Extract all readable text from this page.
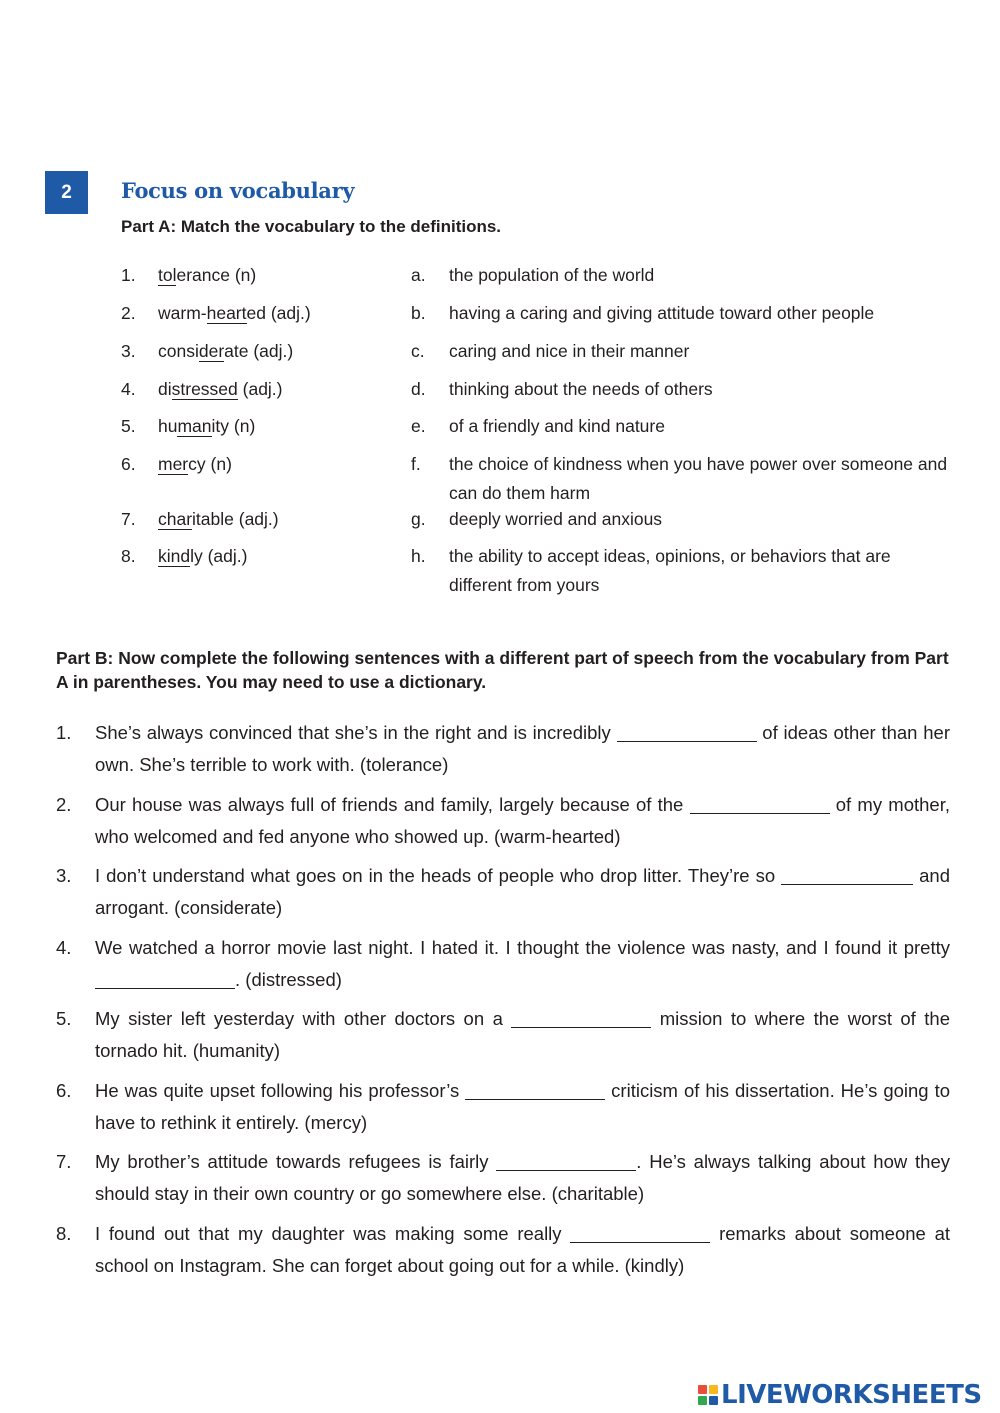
2 Focus on vocabulary

Part A: Match the vocabulary to the definitions.

1. tolerance (n)	a. the population of the world
2. warm-hearted (adj.)	b. having a caring and giving attitude toward other people
3. considerate (adj.)	c. caring and nice in their manner
4. distressed (adj.)	d. thinking about the needs of others
5. humanity (n)	e. of a friendly and kind nature
6. mercy (n)	f. the choice of kindness when you have power over someone and can do them harm
7. charitable (adj.)	g. deeply worried and anxious
8. kindly (adj.)	h. the ability to accept ideas, opinions, or behaviors that are different from yours

Part B: Now complete the following sentences with a different part of speech from the vocabulary from Part A in parentheses. You may need to use a dictionary.

1. She’s always convinced that she’s in the right and is incredibly	of ideas other than her own. She’s terrible to work with. (tolerance)
2. Our house was always full of friends and family, largely because of the	of my mother, who welcomed and fed anyone who showed up. (warm-hearted)
3. I don’t understand what goes on in the heads of people who drop litter. They’re so	and arrogant. (considerate)
4. We watched a horror movie last night. I hated it. I thought the violence was nasty, and I found it pretty . (distressed)
5. My sister left yesterday with other doctors on a	mission to where the worst of the tornado hit. (humanity)
6. He was quite upset following his professor’s	criticism of his dissertation. He’s going to have to rethink it entirely. (mercy)
7. My brother’s attitude towards refugees is fairly	. He’s always talking about how they should stay in their own country or go somewhere else. (charitable)
8. I found out that my daughter was making some really	remarks about someone at school on Instagram. She can forget about going out for a while. (kindly)
LIVEWORKSHEETS
